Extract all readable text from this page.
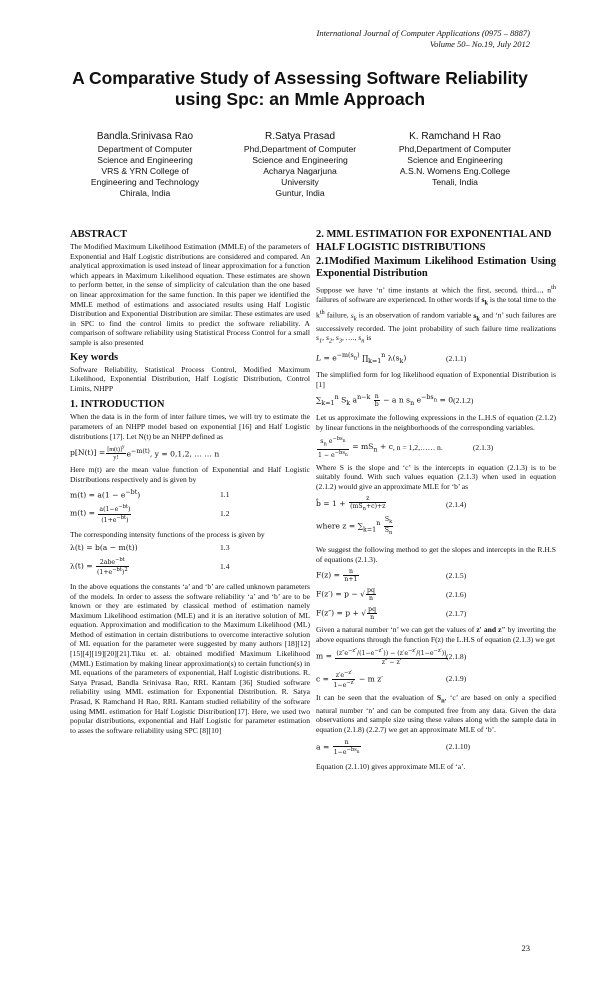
International Journal of Computer Applications (0975 – 8887)
Volume 50– No.19, July 2012
A Comparative Study of Assessing Software Reliability using Spc: an Mmle Approach
Bandla.Srinivasa Rao
Department of Computer
Science and Engineering
VRS & YRN College of
Engineering and Technology
Chirala, India
R.Satya Prasad
Phd,Department of Computer
Science and Engineering
Acharya Nagarjuna
University
Guntur, India
K. Ramchand H Rao
Phd,Department of Computer
Science and Engineering
A.S.N. Womens Eng.College
Tenali, India
ABSTRACT

The Modified Maximum Likelihood Estimation (MMLE) of the parameters of Exponential and Half Logistic distributions are considered and compared. An analytical approximation is used instead of linear approximation for a function which appears in Maximum Likelihood equation. These estimates are shown to perform better, in the sense of simplicity of calculation than the one based on linear approximation for the same function. In this paper we identified the MMLE method of estimations and associated results using Half Logistic Distribution and Exponential Distribution are similar. These estimates are used in SPC to find the control limits to predict the software reliability. A comparison of software reliability using Statistical Process Control for a small sample is also presented

Key words

Software Reliability, Statistical Process Control, Modified Maximum Likelihood, Exponential Distribution, Half Logistic Distribution, Control Limits, NHPP

1. INTRODUCTION

When the data is in the form of inter failure times, we will try to estimate the parameters of an NHPP model based on exponential [16] and Half Logistic distributions [17]. Let N(t) be an NHPP defined as

$p[N(t)] = \frac{[m(t)]^y}{y!} e^{-m(t)}$, y = 0,1,2, … … n

Here m(t) are the mean value function of Exponential and Half Logistic Distributions respectively and is given by

$m(t) = a(1 - e^{-bt})$	1.1
$m(t) = \frac{a(1-e^{-bt})}{(1+e^{-bt})}$	1.2

The corresponding intensity functions of the process is given by

λ(t) = b(a − m(t))	1.3
λ(t) = 2abe$^{-bt}$
$(1+e^{-bt})^2$	1.4

In the above equations the constants ‘a’ and ‘b’ are called unknown parameters of the models. In order to assess the software reliability ‘a’ and ‘b’ are to be known or they are estimated by classical method of estimation namely Maximum Likelihood estimation (MLE) and it is an iterative solution of ML equation. Approximation and modification to the Maximum Likelihood (ML) Method of estimation in certain distributions to overcome interactive solution of ML equation for the parameter were suggested by many authors [18][12][15][4][19][20][21].Tiku et. al. obtained modified Maximum Likelihood (MML) Estimation by making linear approximation(s) to certain function(s) in ML equations of the parameters of exponential, Half Logistic distributions. R. Satya Prasad, Bandla Srinivasa Rao, RRL Kantam [36] Studied software reliability using MML estimation for Exponential Distribution. R. Satya Prasad, K Ramchand H Rao, RRL Kantam studied reliability of the software using MML estimation for Half Logistic Distribution[17]. Here, we used two popular distributions, exponential and Half Logistic for parameter estimation to asses the software reliability using SPC [8][10]

2. MML ESTIMATION FOR EXPONENTIAL AND HALF LOGISTIC DISTRIBUTIONS
2.1Modified Maximum Likelihood Estimation Using Exponential Distribution

Suppose we have ‘n’ time instants at which the first, second, third..., $n^{th}$ failures of software are experienced. In other words if $s_k$ is the total time to the $k^{th}$ failure, $s_k$ is an observation of random variable $s_k$ and ‘n’ such failures are successively recorded. The joint probability of such failure time realizations $s_1$, $s_2$, $s_3$, …., $s_n$ is

$L = e^{-m(s_n)}$ $\prod_{k=1}^n$ $\lambda(s_k)$	(2.1.1)

The simplified form for log likelihood equation of Exponential Distribution is [1]

$\sum_{k=1}^n$ $S_k$ $a^{n-k} \frac{n}{b} - a$ n $s_n$ $e^{-bs_n} = 0$ (2.1.2)

Let us approximate the following expressions in the L.H.S of equation (2.1.2) by linear functions in the neighborhoods of the corresponding variables.

$s_n$ $e^{-bs_n}$
$1 - e^{-bs_n}$
= $mS_n + c$ , n = 1,2,…… n.	(2.1.3)

Where S is the slope and ‘c’ is the intercepts in equation (2.1.3) is to be suitably found. With such values equation (2.1.3) when used in equation (2.1.2) would give an approximate MLE for ‘b’ as

b̂ = 1 +
z
$(mS_n+c)+z$	(2.1.4)
where $z = \sum_{k=1}^n \frac{S_k}{S_n}$

We suggest the following method to get the slopes and intercepts in the R.H.S of equations (2.1.3).

$F(z) = \frac{n}{n+1}$	(2.1.5)
F(z′) = p − √ $\frac{pq}{n}$	(2.1.6)
F(z″) = p + √ $\frac{pq}{n}$	(2.1.7)

Given a natural number ‘n’ we can get the values of z′ and z″ by inverting the above equations through the function F(z) the L.H.S of equation (2.1.3) we get

$m = \frac{(z''e^{-z''}/(1-e^{-z''})) - (z'e^{-z'}/(1-e^{-z'}))}{z'' - z'}$
(2.1.8)
$c = \frac{z'e^{-z'}}{1-e^{-z'}} - m$ z′	(2.1.9)

It can be seen that the evaluation of $S_n$, ‘c’ are based on only a specified natural number ‘n’ and can be computed free from any data. Given the data observations and sample size using these values along with the sample data in equation (2.1.8) (2.2.7) we get an approximate MLE of ‘b’.

a =
n
$1-e^{-bs_n}$
(2.1.10)

Equation (2.1.10) gives approximate MLE of ‘a’.

23
